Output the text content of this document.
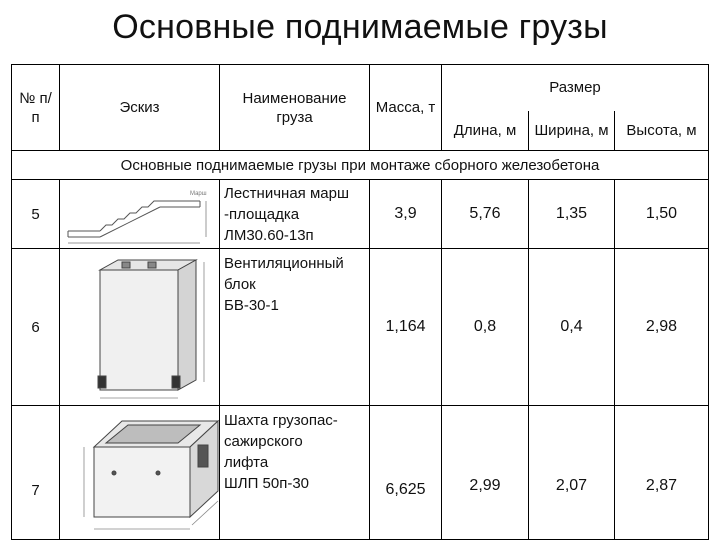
Основные поднимаемые грузы
№ п/п	Эскиз	Наименование груза	Масса, т	Размер		
				Длина, м	Ширина, м	Высота, м
Основные поднимаемые грузы при монтаже сборного железобетона						
5	Марш	Лестничная марш
-площадка
ЛМ30.60-13п	3,9	5,76	1,35	1,50
6		Вентиляционный
блок
БВ-30-1	1,164	0,8	0,4	2,98
7		Шахта грузопас-
сажирского
лифта
ШЛП 50п-30	6,625	2,99	2,07	2,87
